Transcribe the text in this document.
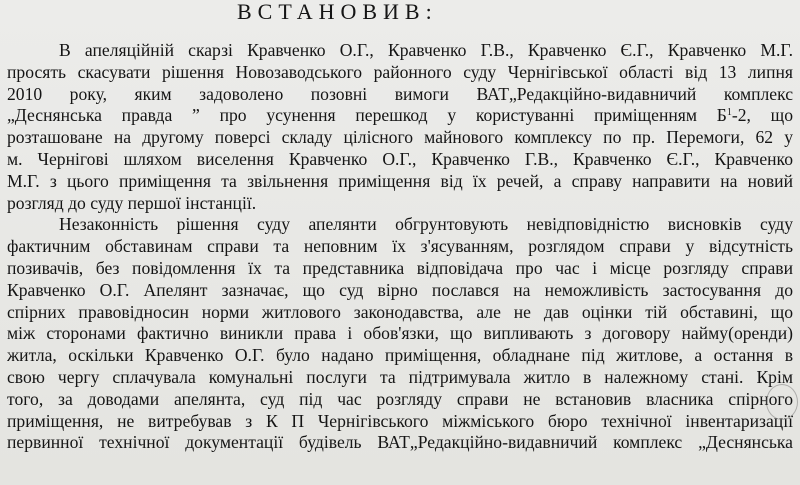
ВСТАНОВИВ:
В апеляційній скарзі Кравченко О.Г., Кравченко Г.В., Кравченко Є.Г., Кравченко М.Г.
просять скасувати рішення Новозаводського районного суду Чернігівської області від 13 липня
2010 року, яким задоволено позовні вимоги ВАТ„Редакційно-видавничий комплекс
„Деснянська правда ” про усунення перешкод у користуванні приміщенням $Б^1-2$, що
розташоване на другому поверсі складу цілісного майнового комплексу по пр. Перемоги, 62 у
м. Чернігові шляхом виселення Кравченко О.Г., Кравченко Г.В., Кравченко Є.Г., Кравченко
М.Г. з цього приміщення та звільнення приміщення від їх речей, а справу направити на новий
розгляд до суду першої інстанції.
Незаконність рішення суду апелянти обгрунтовують невідповідністю висновків суду
фактичним обставинам справи та неповним їх з'ясуванням, розглядом справи у відсутність
позивачів, без повідомлення їх та представника відповідача про час і місце розгляду справи
Кравченко О.Г. Апелянт зазначає, що суд вірно послався на неможливість застосування до
спірних правовідносин норми житлового законодавства, але не дав оцінки тій обставині, що
між сторонами фактично виникли права і обов'язки, що випливають з договору найму(оренди)
житла, оскільки Кравченко О.Г. було надано приміщення, обладнане під житлове, а остання в
свою чергу сплачувала комунальні послуги та підтримувала житло в належному стані. Крім
того, за доводами апелянта, суд під час розгляду справи не встановив власника спірного
приміщення, не витребував з К П Чернігівського міжміського бюро технічної інвентаризації
первинної технічної документації будівель ВАТ„Редакційно-видавничий комплекс „Деснянська
